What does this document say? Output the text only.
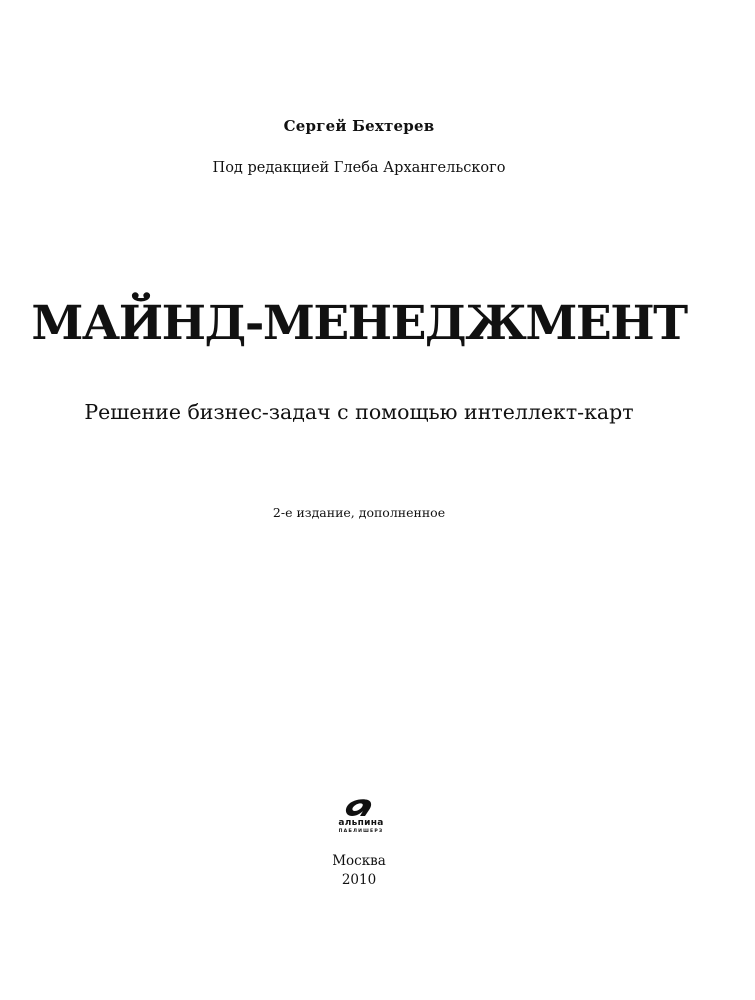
Сергей Бехтерев
Под редакцией Глеба Архангельского
МАЙНД-МЕНЕДЖМЕНТ
Решение бизнес-задач с помощью интеллект-карт
2-е издание, дополненное
альпина
ПАБЛИШЕРЗ
Москва
2010
